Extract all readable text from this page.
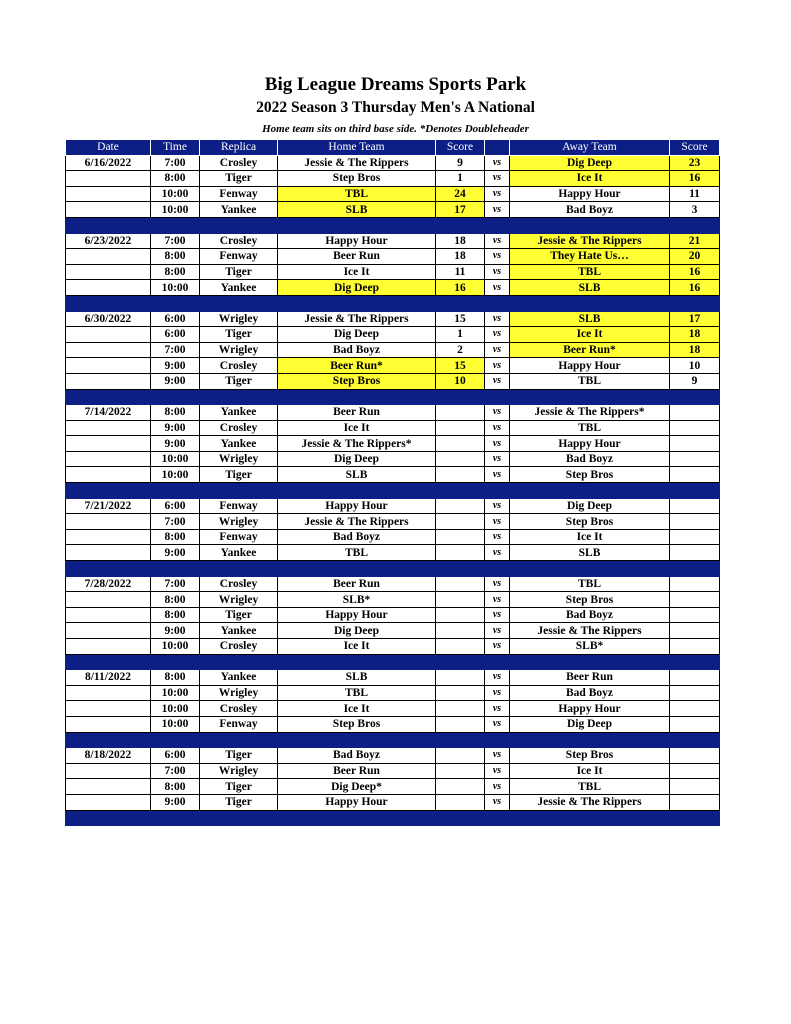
Big League Dreams Sports Park
2022 Season 3 Thursday Men's A National
Home team sits on third base side. *Denotes Doubleheader
Date	Time	Replica	Home Team	Score		Away Team	Score
6/16/2022	7:00	Crosley	Jessie & The Rippers	9	vs	Dig Deep	23
	8:00	Tiger	Step Bros	1	vs	Ice It	16
	10:00	Fenway	TBL	24	vs	Happy Hour	11
	10:00	Yankee	SLB	17	vs	Bad Boyz	3

6/23/2022	7:00	Crosley	Happy Hour	18	vs	Jessie & The Rippers	21
	8:00	Fenway	Beer Run	18	vs	They Hate Us…	20
	8:00	Tiger	Ice It	11	vs	TBL	16
	10:00	Yankee	Dig Deep	16	vs	SLB	16

6/30/2022	6:00	Wrigley	Jessie & The Rippers	15	vs	SLB	17
	6:00	Tiger	Dig Deep	1	vs	Ice It	18
	7:00	Wrigley	Bad Boyz	2	vs	Beer Run*	18
	9:00	Crosley	Beer Run*	15	vs	Happy Hour	10
	9:00	Tiger	Step Bros	10	vs	TBL	9

7/14/2022	8:00	Yankee	Beer Run		vs	Jessie & The Rippers*	
	9:00	Crosley	Ice It		vs	TBL	
	9:00	Yankee	Jessie & The Rippers*		vs	Happy Hour	
	10:00	Wrigley	Dig Deep		vs	Bad Boyz	
	10:00	Tiger	SLB		vs	Step Bros	

7/21/2022	6:00	Fenway	Happy Hour		vs	Dig Deep	
	7:00	Wrigley	Jessie & The Rippers		vs	Step Bros	
	8:00	Fenway	Bad Boyz		vs	Ice It	
	9:00	Yankee	TBL		vs	SLB	

7/28/2022	7:00	Crosley	Beer Run		vs	TBL	
	8:00	Wrigley	SLB*		vs	Step Bros	
	8:00	Tiger	Happy Hour		vs	Bad Boyz	
	9:00	Yankee	Dig Deep		vs	Jessie & The Rippers	
	10:00	Crosley	Ice It		vs	SLB*	

8/11/2022	8:00	Yankee	SLB		vs	Beer Run	
	10:00	Wrigley	TBL		vs	Bad Boyz	
	10:00	Crosley	Ice It		vs	Happy Hour	
	10:00	Fenway	Step Bros		vs	Dig Deep	

8/18/2022	6:00	Tiger	Bad Boyz		vs	Step Bros	
	7:00	Wrigley	Beer Run		vs	Ice It	
	8:00	Tiger	Dig Deep*		vs	TBL	
	9:00	Tiger	Happy Hour		vs	Jessie & The Rippers	
